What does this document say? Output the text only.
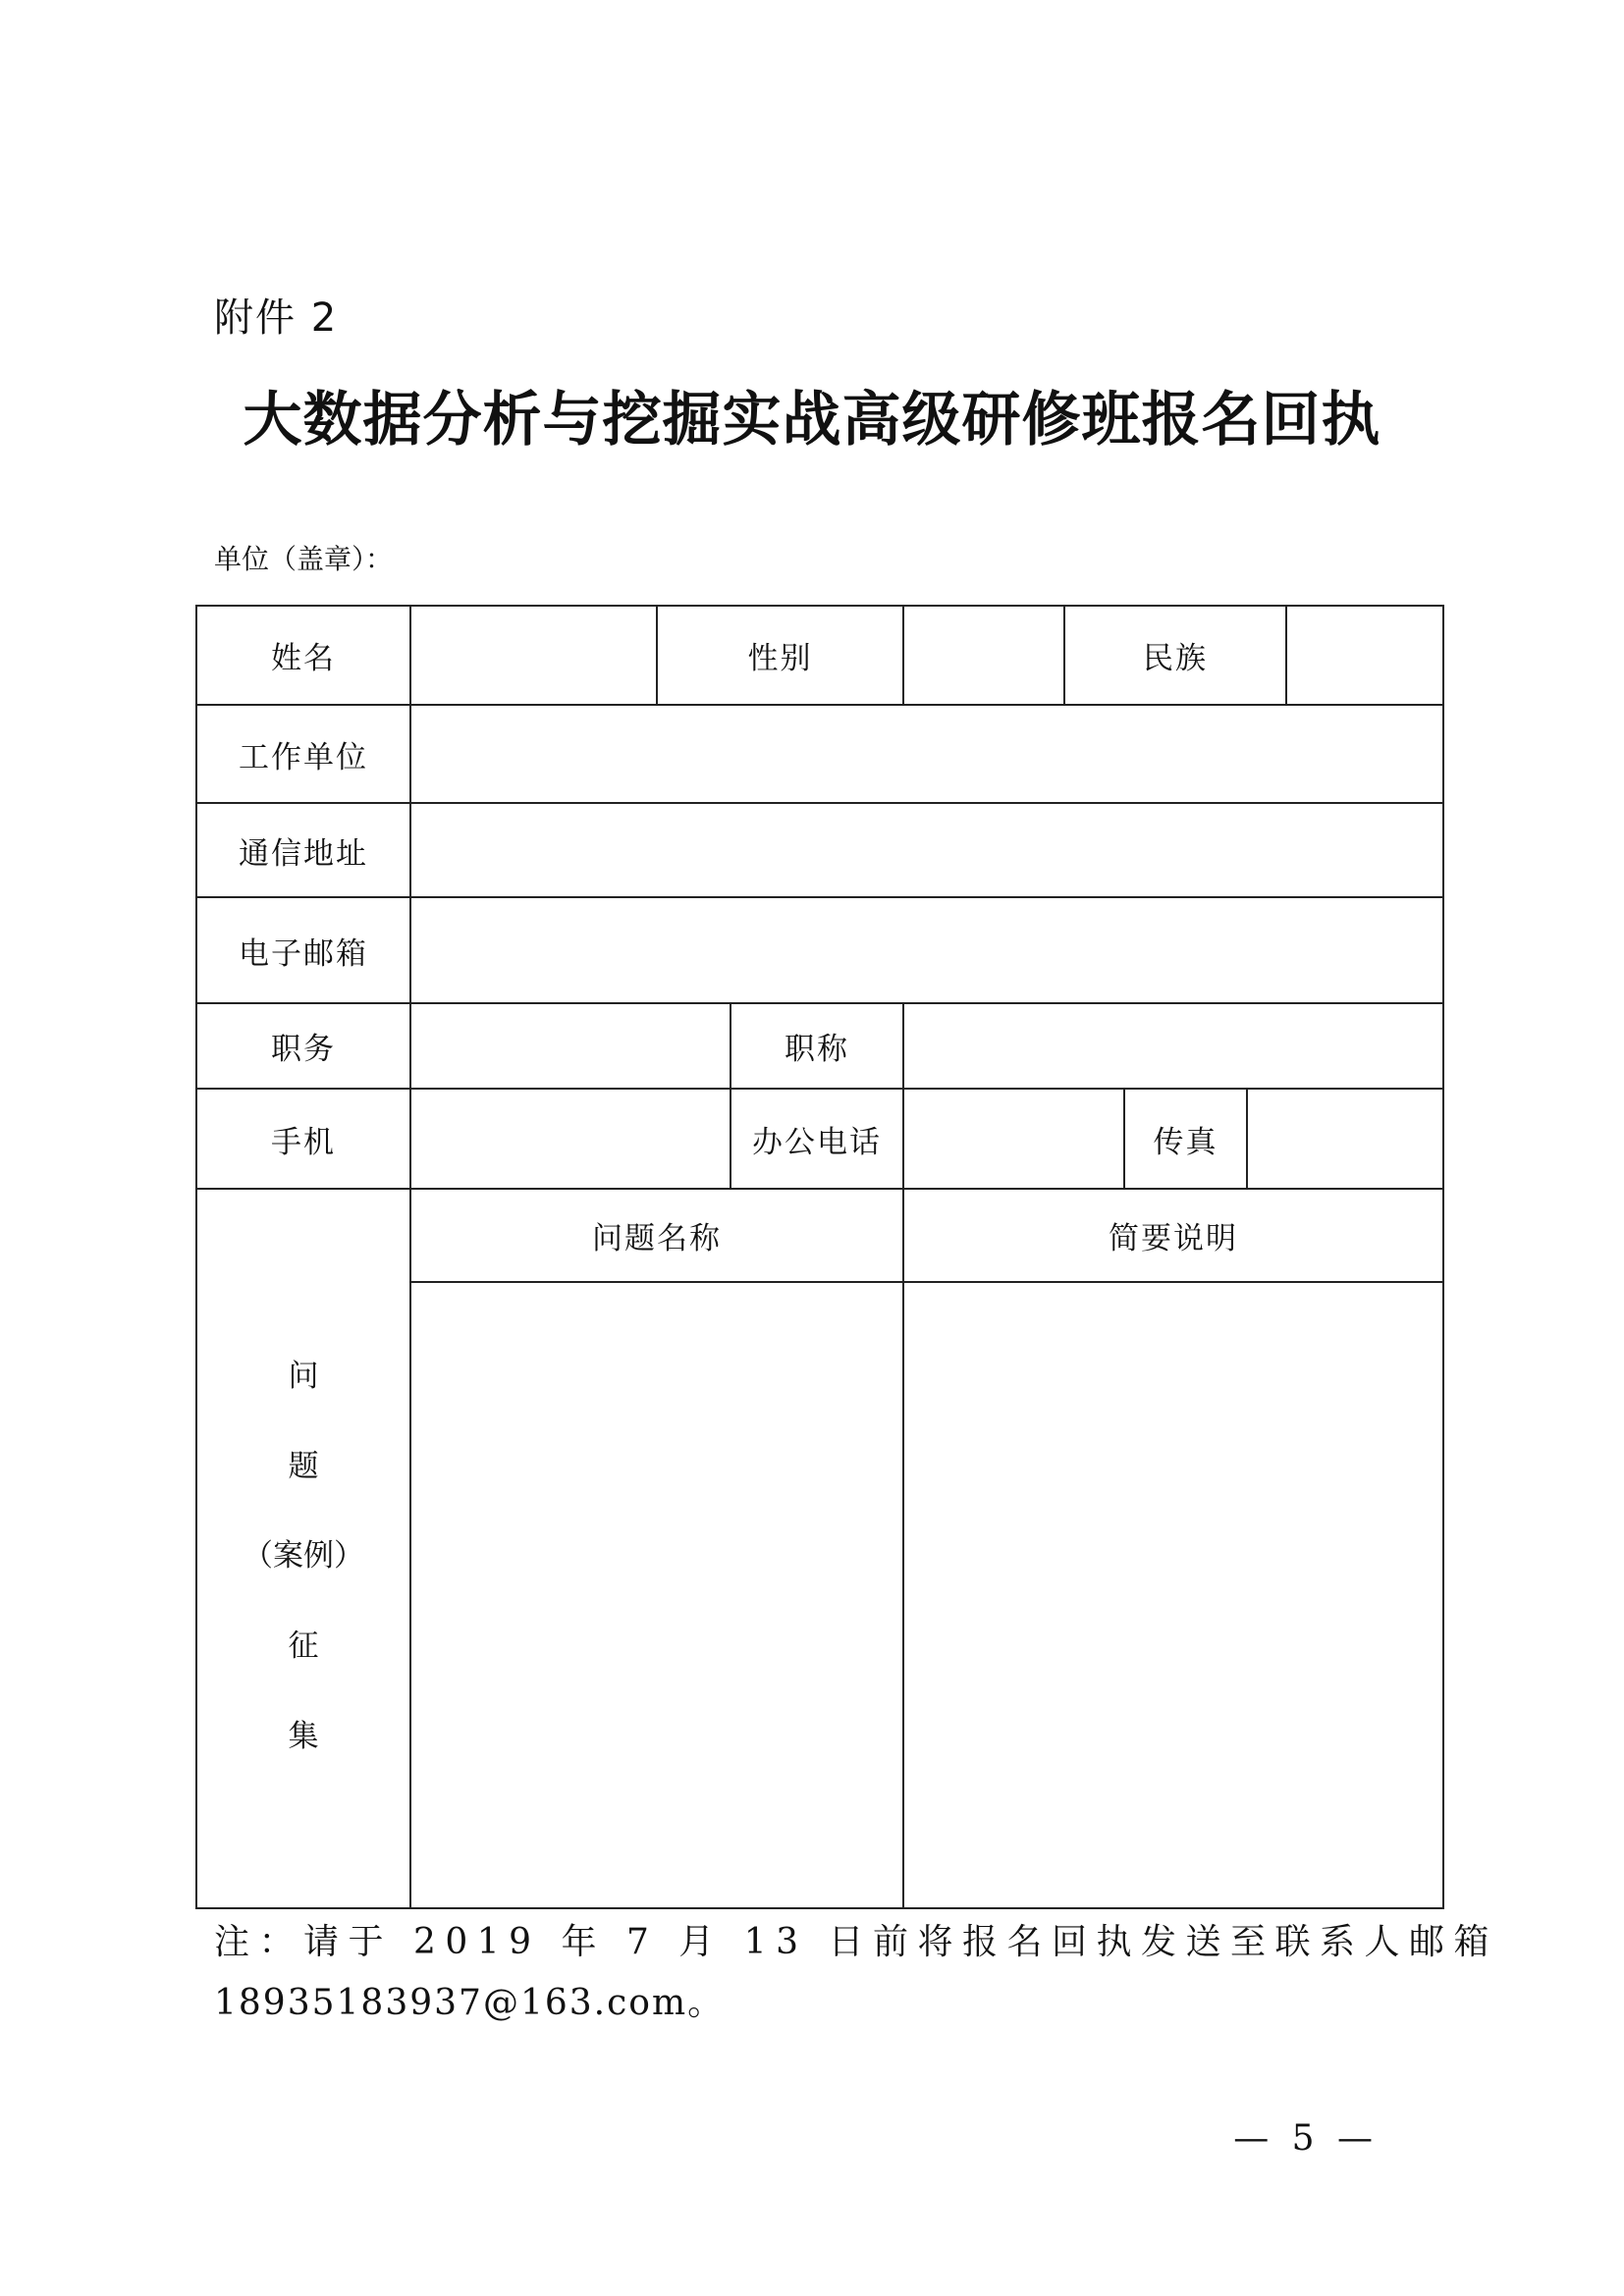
附件 2
大数据分析与挖掘实战高级研修班报名回执
单位（盖章）：
姓名	性别	民族
工作单位
通信地址
电子邮箱
职务	职称
手机	办公电话	传真
问题名称	简要说明
问
题
（案例）
征
集
注：请于 2019 年 7 月 13 日前将报名回执发送至联系人邮箱
18935183937@163.com。
— 5 —
